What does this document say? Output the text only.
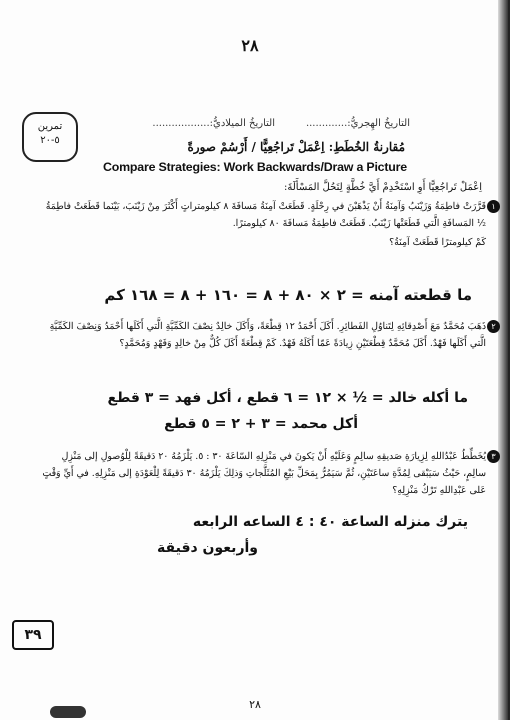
٢٨
تمرين
٥-٢٠
التاريخُ الهِجريُّ:.............
التاريخُ الميلاديُّ:..................
مُقارنةُ الخُطَطِ: اِعْمَلْ تَراجُعِيًّا / أَرْسُمْ صورةً
Compare Strategies: Work Backwards/Draw a Picture
اِعْمَلْ تَراجُعِيًّا أَوِ اسْتَخْدِمْ أَيَّ خُطَّةٍ لِتَحُلَّ المَسْأَلَةَ:
١
قَرَّرَتْ فاطِمَةُ وَزَيْنَبُ وَآمِنَةُ أَنْ يَذْهَبْنَ في رِحْلَةٍ. قَطَعَتْ آمِنَةُ مَسافَةَ ٨ كيلومتراتٍ أَكْثَرَ مِنْ زَيْنَبَ، بَيْنَما قَطَعَتْ فاطِمَةُ ½ المَسافَةِ الَّتي قَطَعَتْها زَيْنَبُ. قَطَعَتْ فاطِمَةُ مَسافَةَ ٨٠ كيلومترًا.
كَمْ كيلومترًا قَطَعَتْ آمِنَةُ؟
ما قطعته آمنه = ٢ × ٨٠ + ٨ = ١٦٠ + ٨ = ١٦٨ كم
٢
ذَهَبَ مُحَمَّدٌ مَعَ أَصْدِقائِهِ لِتَناوُلِ الفَطائِرِ. أَكَلَ أَحْمَدُ ١٢ قِطْعَةً، وَأَكَلَ خالِدٌ نِصْفَ الكَمِّيَّةِ الَّتي أَكَلَها أَحْمَدُ وَنِصْفَ الكَمِّيَّةِ الَّتي أَكَلَها فَهْدٌ. أَكَلَ مُحَمَّدٌ قِطْعَتَيْنِ زِيادَةً عَمّا أَكَلَهُ فَهْدٌ. كَمْ قِطْعَةً أَكَلَ كُلٌّ مِنْ خالِدٍ وَفَهْدٍ وَمُحَمَّدٍ؟
ما أكله خالد = ½ × ١٢ = ٦ قطع ، أكل فهد = ٣ قطع
أكل محمد = ٣ + ٢ = ٥ قطع
٣
يُخَطِّطُ عَبْدُاللهِ لِزِيارَةِ صَديقِهِ سالِمٍ وَعَلَيْهِ أَنْ يَكونَ في مَنْزِلِهِ السّاعَةَ ٣٠ : ٥. يَلْزَمُهُ ٢٠ دَقيقَةً لِلْوُصولِ إلى مَنْزِلِ سالِمٍ، حَيْثُ سَيَبْقى لِمُدَّةِ ساعَتَيْنِ، ثُمَّ سَيَمُرُّ بِمَحَلِّ بَيْعِ المُثَلَّجاتِ وَذلِكَ يَلْزَمُهُ ٣٠ دَقيقَةً لِلْعَوْدَةِ إلى مَنْزِلِهِ. في أَيِّ وَقْتٍ عَلى عَبْدِاللهِ تَرْكُ مَنْزِلِهِ؟
يترك منزله الساعة ٤٠ : ٤ الساعه الرابعه
وأربعون دقيقة
٣٩
٢٨
